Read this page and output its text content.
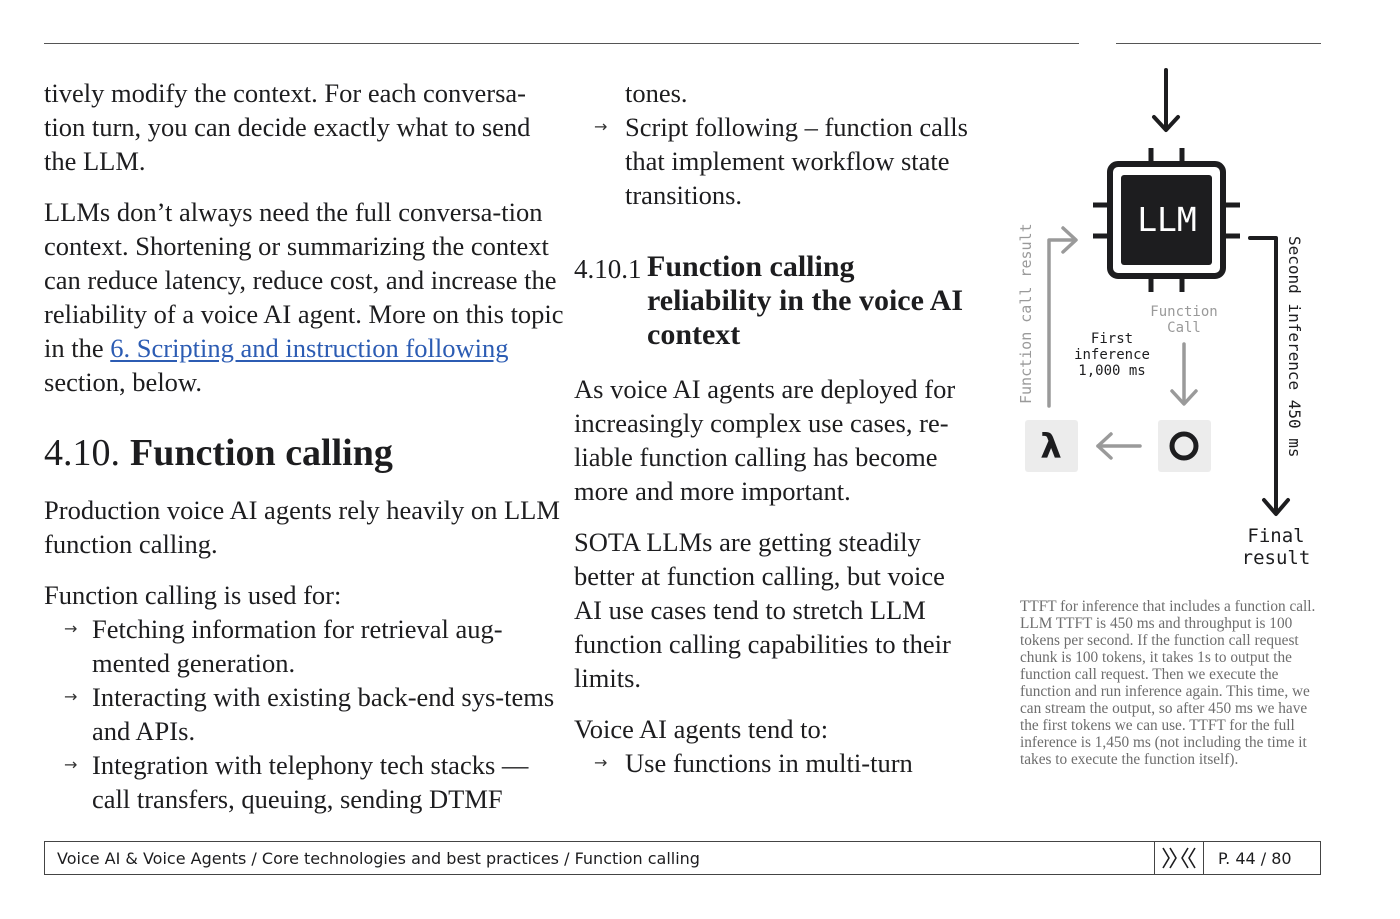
tively modify the context. For each conversa-tion turn, you can decide exactly what to send the LLM.

LLMs don’t always need the full conversa-tion context. Shortening or summarizing the context can reduce latency, reduce cost, and increase the reliability of a voice AI agent. More on this topic in the 6. Scripting and instruction following section, below.

4.10. Function calling

Production voice AI agents rely heavily on LLM function calling.

Function calling is used for:

→ Fetching information for retrieval aug-mented generation.
→ Interacting with existing back-end sys-tems and APIs.
→ Integration with telephony tech stacks — call transfers, queuing, sending DTMF
tones.
→ Script following – function calls that implement workflow state transitions.
4.10.1 Function calling reliability in the voice AI context

As voice AI agents are deployed for increasingly complex use cases, re-liable function calling has become more and more important.

SOTA LLMs are getting steadily better at function calling, but voice AI use cases tend to stretch LLM function calling capabilities to their limits.

Voice AI agents tend to:

→ Use functions in multi-turn
LLM
Second inference 450 ms
Final
result
Function
Call
First
inference
1,000 ms
Function call result
λ
TTFT for inference that includes a function call. LLM TTFT is 450 ms and throughput is 100 tokens per second. If the function call request chunk is 100 tokens, it takes 1s to output the function call request. Then we execute the function and run inference again. This time, we can stream the output, so after 450 ms we have the first tokens we can use. TTFT for the full inference is 1,450 ms (not including the time it takes to execute the function itself).
Voice AI & Voice Agents / Core technologies and best practices / Function calling	P. 44 / 80
